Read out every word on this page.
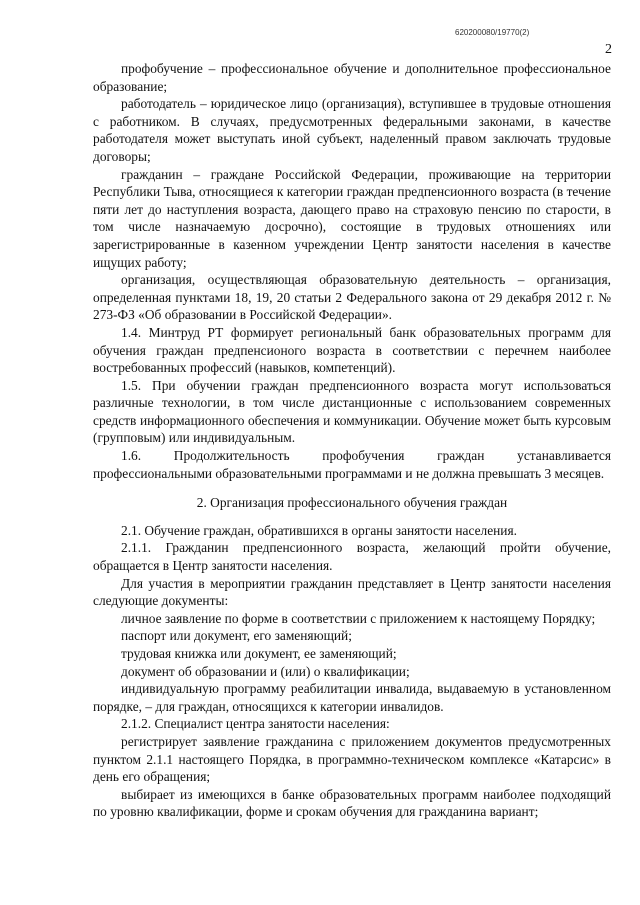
620200080/19770(2)
2

профобучение – профессиональное обучение и дополнительное профессиональное образование;

работодатель – юридическое лицо (организация), вступившее в трудовые отношения с работником. В случаях, предусмотренных федеральными законами, в качестве работодателя может выступать иной субъект, наделенный правом заключать трудовые договоры;

гражданин – граждане Российской Федерации, проживающие на территории Республики Тыва, относящиеся к категории граждан предпенсионного возраста (в течение пяти лет до наступления возраста, дающего право на страховую пенсию по старости, в том числе назначаемую досрочно), состоящие в трудовых отношениях или зарегистрированные в казенном учреждении Центр занятости населения в качестве ищущих работу;

организация, осуществляющая образовательную деятельность – организация, определенная пунктами 18, 19, 20 статьи 2 Федерального закона от 29 декабря 2012 г. № 273-ФЗ «Об образовании в Российской Федерации».

1.4. Минтруд РТ формирует региональный банк образовательных программ для обучения граждан предпенсионого возраста в соответствии с перечнем наиболее востребованных профессий (навыков, компетенций).

1.5. При обучении граждан предпенсионного возраста могут использоваться различные технологии, в том числе дистанционные с использованием современных средств информационного обеспечения и коммуникации. Обучение может быть курсовым (групповым) или индивидуальным.

1.6. Продолжительность профобучения граждан устанавливается профессиональными образовательными программами и не должна превышать 3 месяцев.

2. Организация профессионального обучения граждан

2.1. Обучение граждан, обратившихся в органы занятости населения.

2.1.1. Гражданин предпенсионного возраста, желающий пройти обучение, обращается в Центр занятости населения.

Для участия в мероприятии гражданин представляет в Центр занятости населения следующие документы:

личное заявление по форме в соответствии с приложением к настоящему Порядку;

паспорт или документ, его заменяющий;

трудовая книжка или документ, ее заменяющий;

документ об образовании и (или) о квалификации;

индивидуальную программу реабилитации инвалида, выдаваемую в установленном порядке, – для граждан, относящихся к категории инвалидов.

2.1.2. Специалист центра занятости населения:

регистрирует заявление гражданина с приложением документов предусмотренных пунктом 2.1.1 настоящего Порядка, в программно-техническом комплексе «Катарсис» в день его обращения;

выбирает из имеющихся в банке образовательных программ наиболее подходящий по уровню квалификации, форме и срокам обучения для гражданина вариант;
